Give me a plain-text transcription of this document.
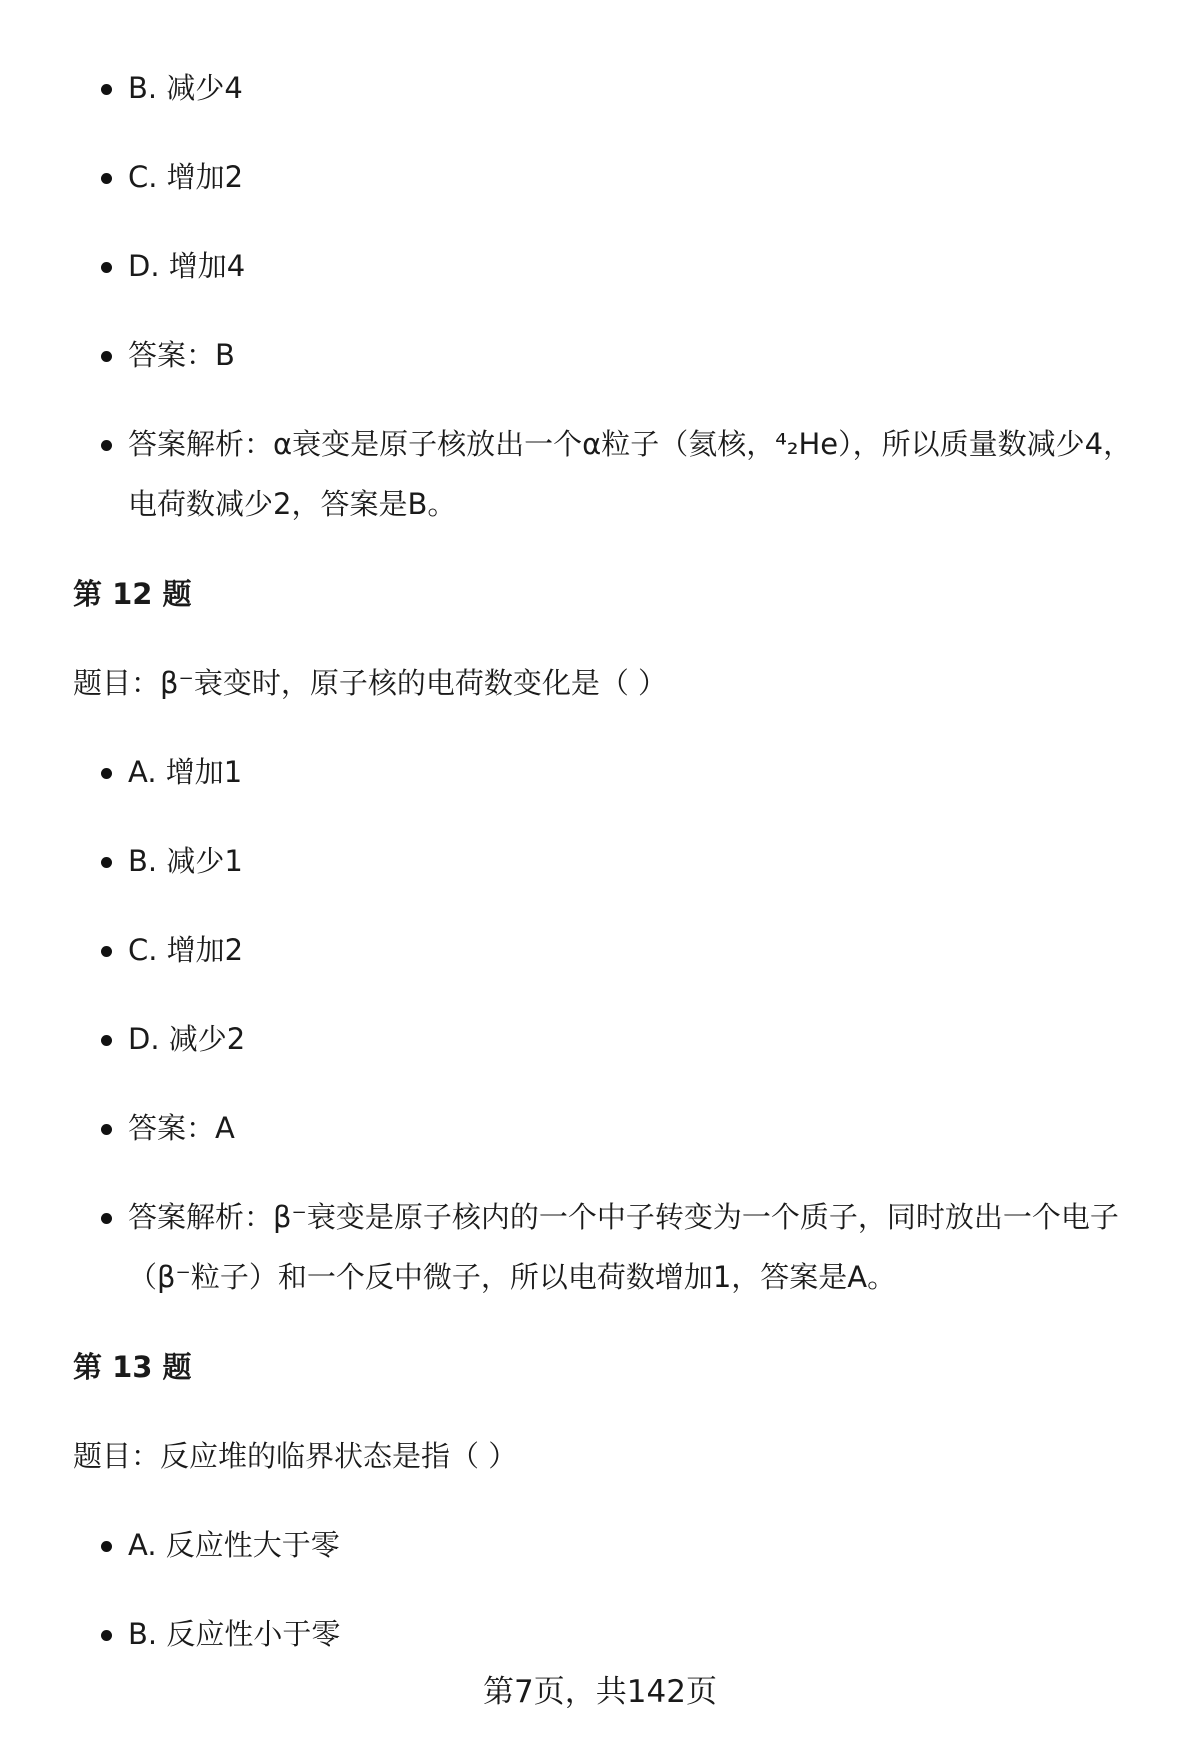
B. 减少4
C. 增加2
D. 增加4
答案：B
答案解析：α衰变是原子核放出一个α粒子（氦核，⁴₂He），所以质量数减少4，电荷数减少2，答案是B。
第 12 题
题目：β⁻衰变时，原子核的电荷数变化是（ ）
A. 增加1
B. 减少1
C. 增加2
D. 减少2
答案：A
答案解析：β⁻衰变是原子核内的一个中子转变为一个质子，同时放出一个电子（β⁻粒子）和一个反中微子，所以电荷数增加1，答案是A。
第 13 题
题目：反应堆的临界状态是指（ ）
A. 反应性大于零
B. 反应性小于零
第7页，共142页
